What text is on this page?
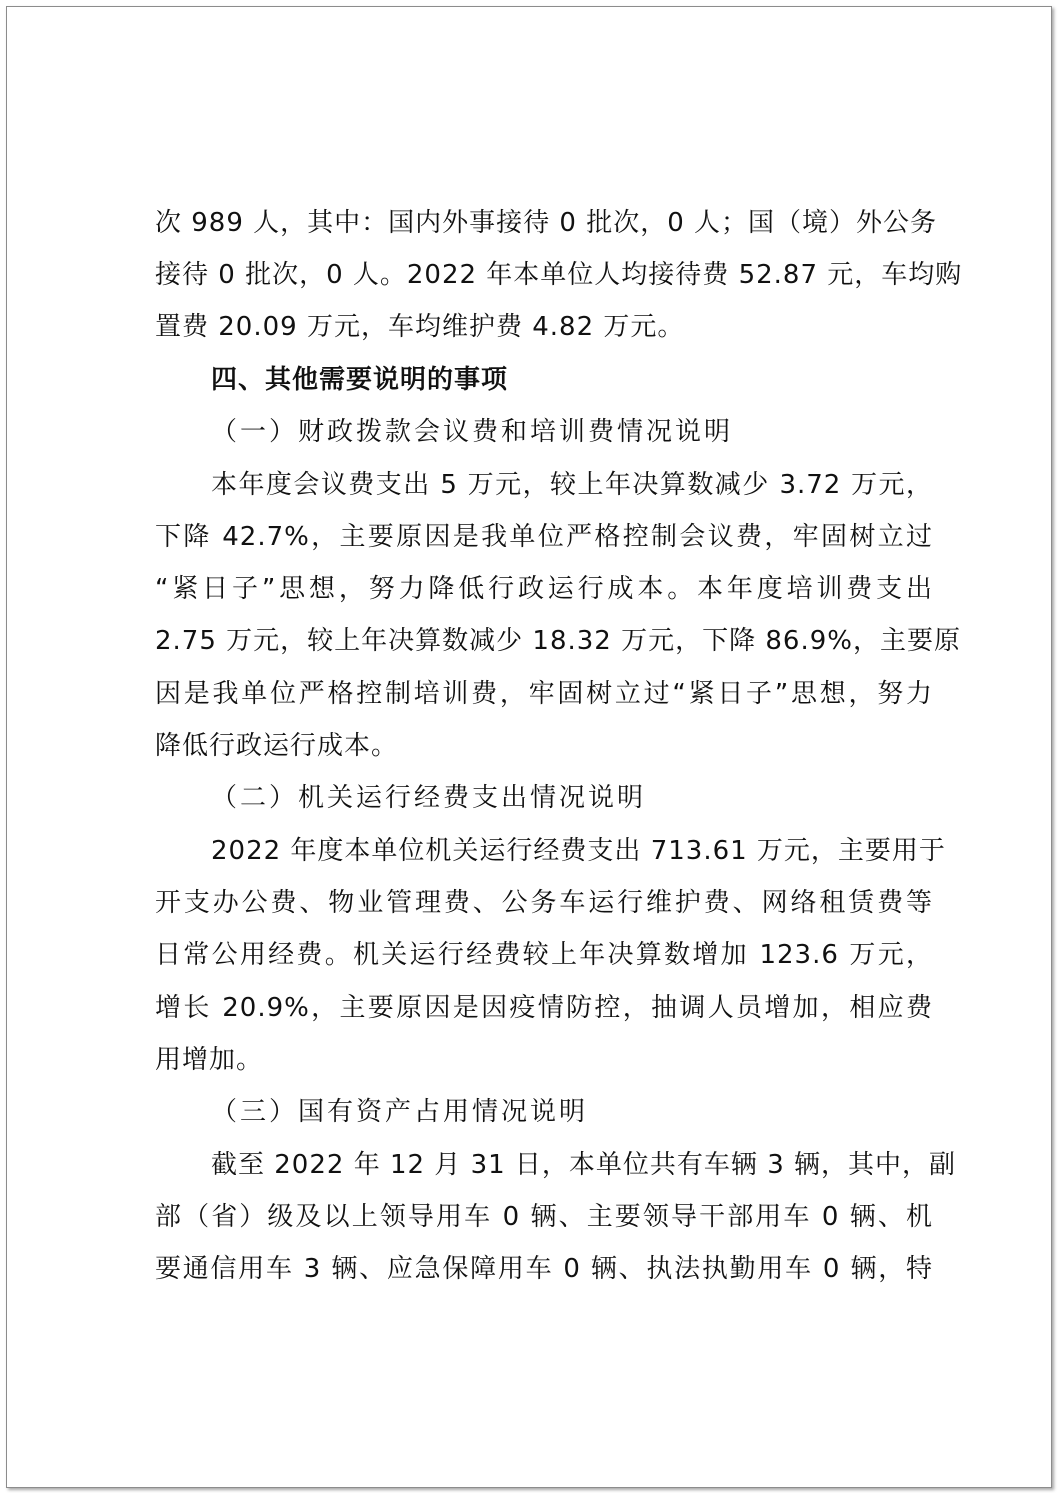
次 989 人，其中：国内外事接待 0 批次，0 人；国（境）外公务
接待 0 批次，0 人。2022 年本单位人均接待费 52.87 元，车均购
置费 20.09 万元，车均维护费 4.82 万元。
四、其他需要说明的事项
（一）财政拨款会议费和培训费情况说明
本年度会议费支出 5 万元，较上年决算数减少 3.72 万元，
下降 42.7%，主要原因是我单位严格控制会议费，牢固树立过
“紧日子”思想，努力降低行政运行成本。本年度培训费支出
2.75 万元，较上年决算数减少 18.32 万元，下降 86.9%，主要原
因是我单位严格控制培训费，牢固树立过“紧日子”思想，努力
降低行政运行成本。
（二）机关运行经费支出情况说明
2022 年度本单位机关运行经费支出 713.61 万元，主要用于
开支办公费、物业管理费、公务车运行维护费、网络租赁费等
日常公用经费。机关运行经费较上年决算数增加 123.6 万元，
增长 20.9%，主要原因是因疫情防控，抽调人员增加，相应费
用增加。
（三）国有资产占用情况说明
截至 2022 年 12 月 31 日，本单位共有车辆 3 辆，其中，副
部（省）级及以上领导用车 0 辆、主要领导干部用车 0 辆、机
要通信用车 3 辆、应急保障用车 0 辆、执法执勤用车 0 辆，特
